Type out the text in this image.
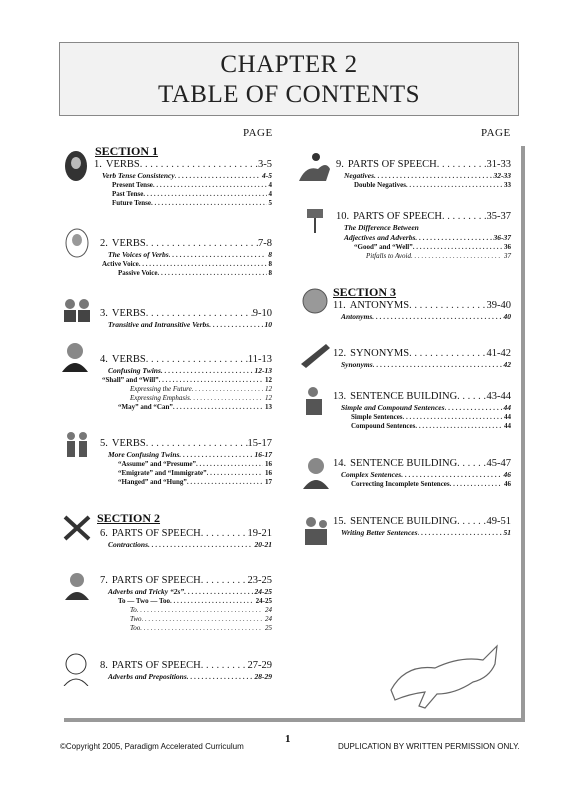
CHAPTER 2
TABLE OF CONTENTS
PAGE	PAGE
SECTION 1
SECTION 2
SECTION 3
1. VERBS . . .	3-5
Verb Tense Consistency . . .	4-5
Present Tense . . .	4
Past Tense . . .	4
Future Tense . . .	5
2. VERBS . . .	7-8
The Voices of Verbs . . .	8
Active Voice . . .	8
Passive Voice . . .	8
3. VERBS . . .	9-10
Transitive and Intransitive Verbs . . .	10
4. VERBS . . .	11-13
Confusing Twins . . .	12-13
“Shall” and “Will” . . .	12
Expressing the Future . . .	12
Expressing Emphasis . . .	12
“May” and “Can” . . .	13
5. VERBS . . .	15-17
More Confusing Twins . . .	16-17
“Assume” and “Presume” . . .	16
“Emigrate” and “Immigrate” . . .	16
“Hanged” and “Hung” . . .	17
6. PARTS OF SPEECH . . .	19-21
Contractions . . .	20-21
7. PARTS OF SPEECH . . .	23-25
Adverbs and Tricky “2s” . . .	24-25
To — Two — Too . . .	24-25
To . . .	24
Two . . .	24
Too . . .	25
8. PARTS OF SPEECH . . .	27-29
Adverbs and Prepositions . . .	28-29
9. PARTS OF SPEECH . . .	31-33
Negatives . . .	32-33
Double Negatives . . .	33
10. PARTS OF SPEECH . . .	35-37
The Difference Between
Adjectives and Adverbs . . .	36-37
“Good” and “Well” . . .	36
Pitfalls to Avoid . . .	37
11. ANTONYMS . . .	39-40
Antonyms . . .	40
12. SYNONYMS . . .	41-42
Synonyms . . .	42
13. SENTENCE BUILDING . . .	43-44
Simple and Compound Sentences . . .	44
Simple Sentences . . .	44
Compound Sentences . . .	44
14. SENTENCE BUILDING . . .	45-47
Complex Sentences . . .	46
Correcting Incomplete Sentences . . .	46
15. SENTENCE BUILDING . . .	49-51
Writing Better Sentences . . .	51
1
©Copyright 2005, Paradigm Accelerated Curriculum	DUPLICATION BY WRITTEN PERMISSION ONLY.
